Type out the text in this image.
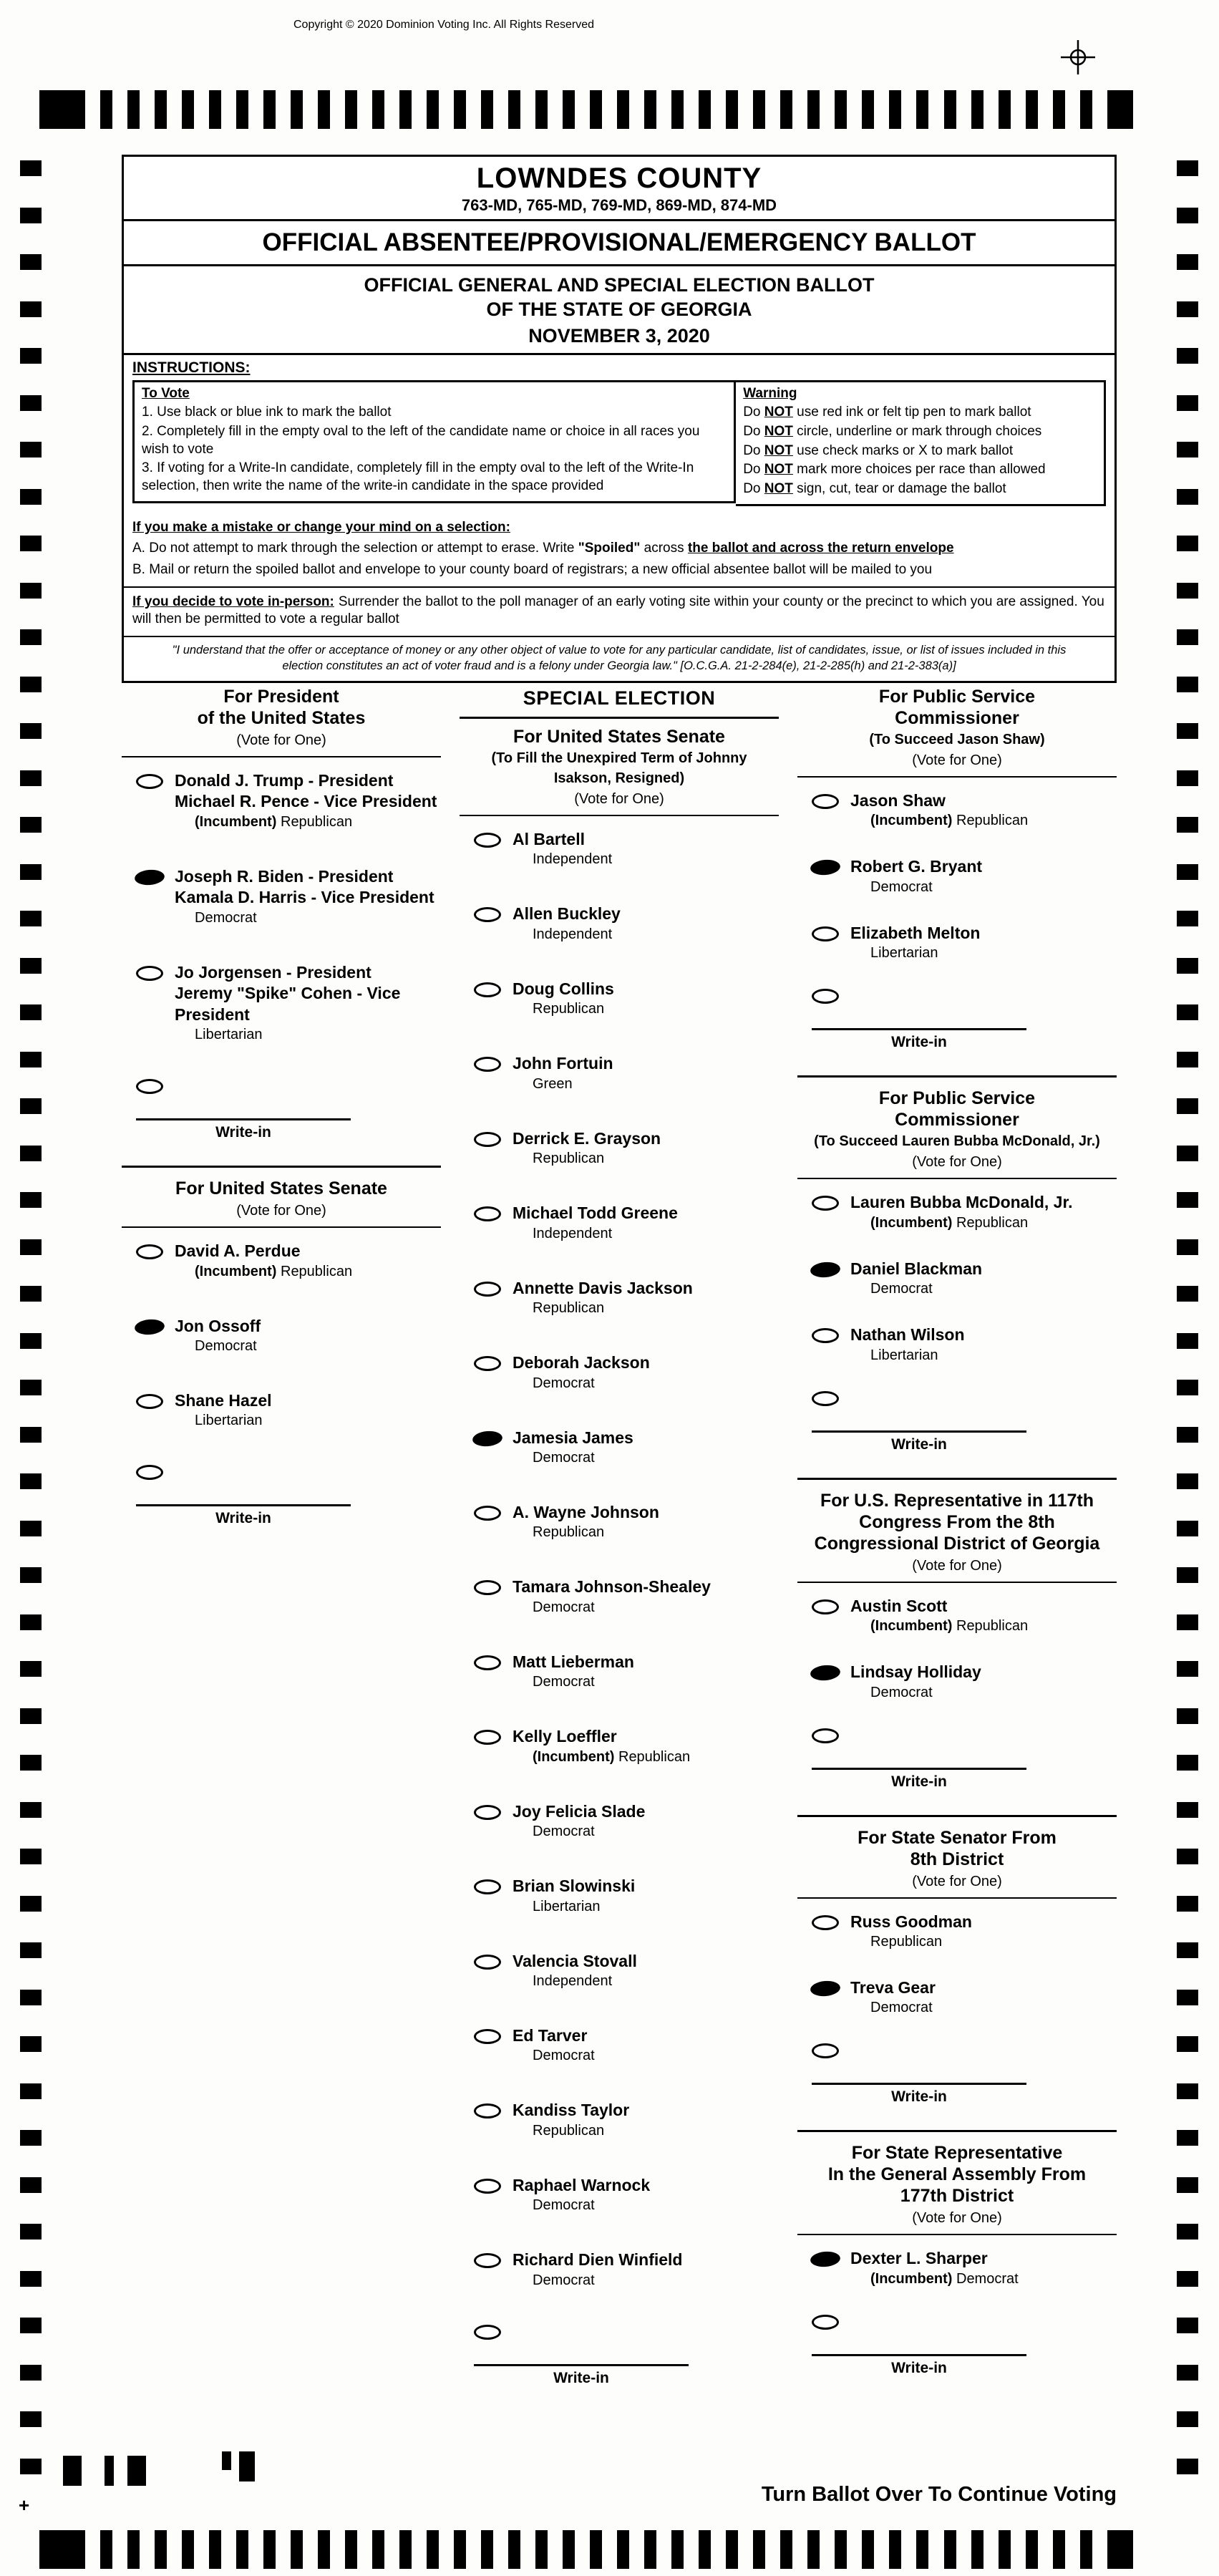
Copyright © 2020 Dominion Voting Inc. All Rights Reserved
LOWNDES COUNTY
763-MD, 765-MD, 769-MD, 869-MD, 874-MD
OFFICIAL ABSENTEE/PROVISIONAL/EMERGENCY BALLOT
OFFICIAL GENERAL AND SPECIAL ELECTION BALLOT
OF THE STATE OF GEORGIA
NOVEMBER 3, 2020
INSTRUCTIONS:
To Vote
1. Use black or blue ink to mark the ballot
2. Completely fill in the empty oval to the left of the candidate name or choice in all races you wish to vote
3. If voting for a Write-In candidate, completely fill in the empty oval to the left of the Write-In selection, then write the name of the write-in candidate in the space provided
Warning
Do NOT use red ink or felt tip pen to mark ballot
Do NOT circle, underline or mark through choices
Do NOT use check marks or X to mark ballot
Do NOT mark more choices per race than allowed
Do NOT sign, cut, tear or damage the ballot
If you make a mistake or change your mind on a selection:
A. Do not attempt to mark through the selection or attempt to erase. Write "Spoiled" across the ballot and across the return envelope
B. Mail or return the spoiled ballot and envelope to your county board of registrars; a new official absentee ballot will be mailed to you
If you decide to vote in-person: Surrender the ballot to the poll manager of an early voting site within your county or the precinct to which you are assigned. You will then be permitted to vote a regular ballot
"I understand that the offer or acceptance of money or any other object of value to vote for any particular candidate, list of candidates, issue, or list of issues included in this election constitutes an act of voter fraud and is a felony under Georgia law." [O.C.G.A. 21-2-284(e), 21-2-285(h) and 21-2-383(a)]
For President
of the United States
(Vote for One)
Donald J. Trump - President
Michael R. Pence - Vice President
(Incumbent) Republican
Joseph R. Biden - President
Kamala D. Harris - Vice President
Democrat
Jo Jorgensen - President
Jeremy "Spike" Cohen - Vice President
Libertarian
Write-in
For United States Senate
(Vote for One)
David A. Perdue
(Incumbent) Republican
Jon Ossoff
Democrat
Shane Hazel
Libertarian
Write-in
SPECIAL ELECTION
For United States Senate
(To Fill the Unexpired Term of Johnny
Isakson, Resigned)
(Vote for One)
Al Bartell
Independent
Allen Buckley
Independent
Doug Collins
Republican
John Fortuin
Green
Derrick E. Grayson
Republican
Michael Todd Greene
Independent
Annette Davis Jackson
Republican
Deborah Jackson
Democrat
Jamesia James
Democrat
A. Wayne Johnson
Republican
Tamara Johnson-Shealey
Democrat
Matt Lieberman
Democrat
Kelly Loeffler
(Incumbent) Republican
Joy Felicia Slade
Democrat
Brian Slowinski
Libertarian
Valencia Stovall
Independent
Ed Tarver
Democrat
Kandiss Taylor
Republican
Raphael Warnock
Democrat
Richard Dien Winfield
Democrat
Write-in
For Public Service
Commissioner
(To Succeed Jason Shaw)
(Vote for One)
Jason Shaw
(Incumbent) Republican
Robert G. Bryant
Democrat
Elizabeth Melton
Libertarian
Write-in
For Public Service
Commissioner
(To Succeed Lauren Bubba McDonald, Jr.)
(Vote for One)
Lauren Bubba McDonald, Jr.
(Incumbent) Republican
Daniel Blackman
Democrat
Nathan Wilson
Libertarian
Write-in
For U.S. Representative in 117th
Congress From the 8th
Congressional District of Georgia
(Vote for One)
Austin Scott
(Incumbent) Republican
Lindsay Holliday
Democrat
Write-in
For State Senator From
8th District
(Vote for One)
Russ Goodman
Republican
Treva Gear
Democrat
Write-in
For State Representative
In the General Assembly From
177th District
(Vote for One)
Dexter L. Sharper
(Incumbent) Democrat
Write-in
Turn Ballot Over To Continue Voting
+
